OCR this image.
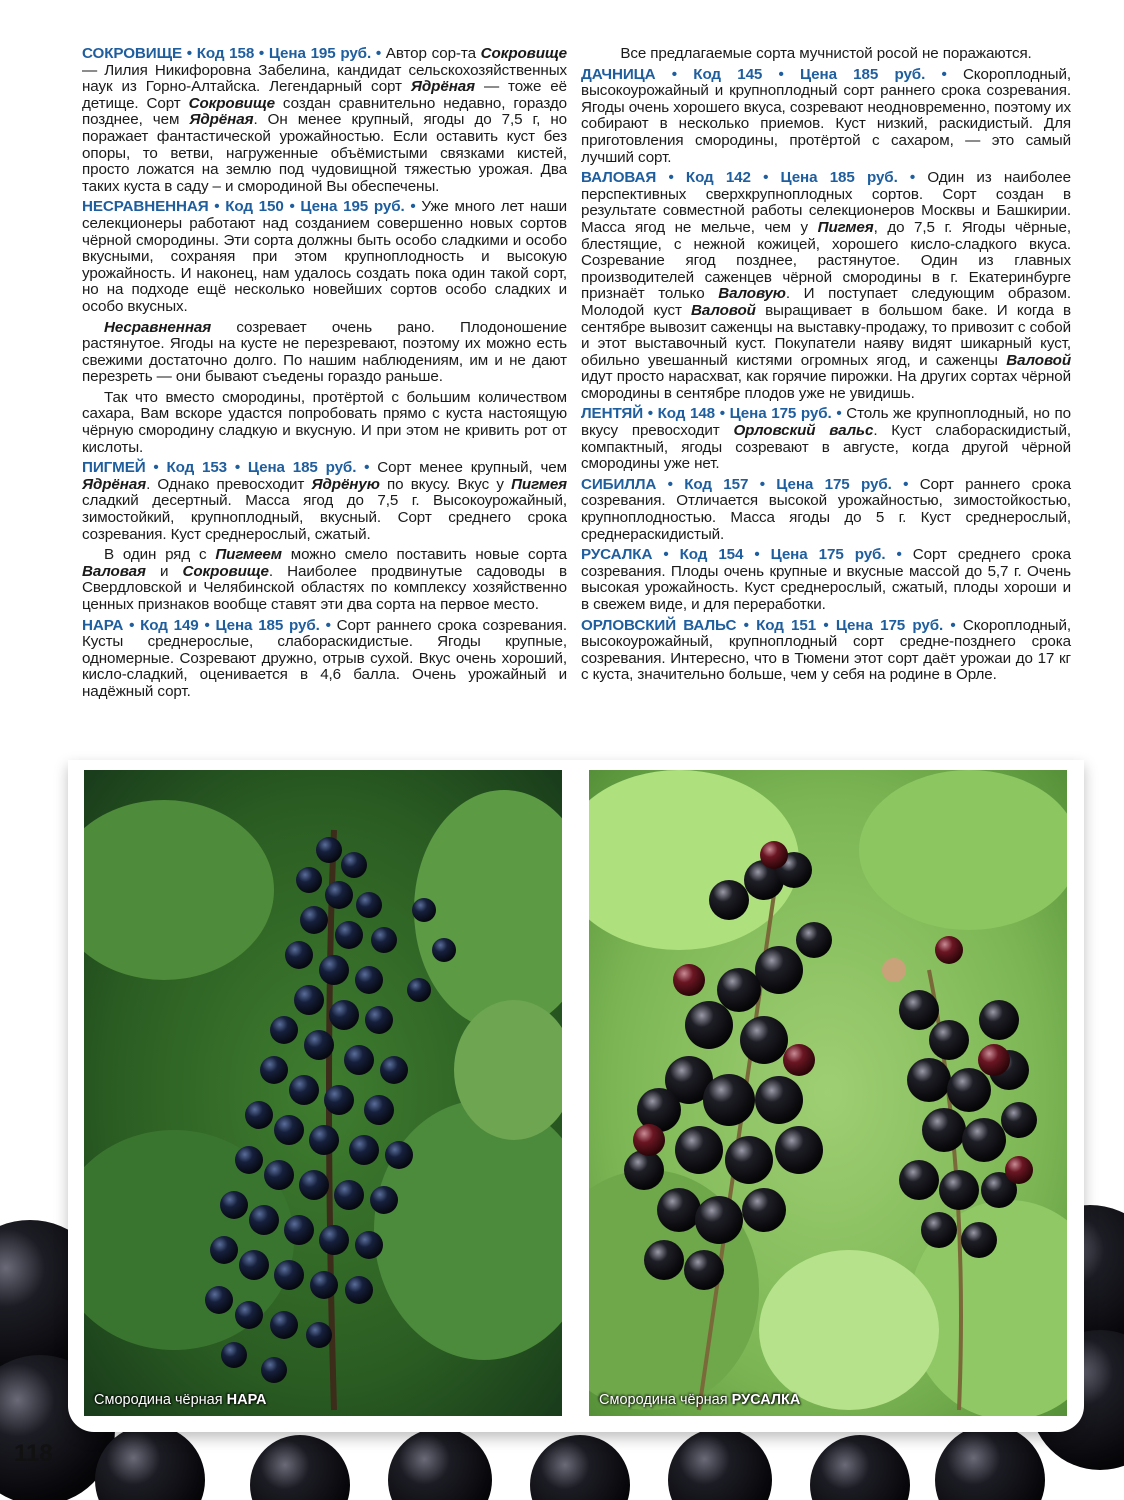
СОКРОВИЩЕ • Код 158 • Цена 195 руб. • Автор сор-та Сокровище — Лилия Никифоровна Забелина, кандидат сельскохозяйственных наук из Горно-Алтайска. Легендарный сорт Ядрёная — тоже её детище. Сорт Сокровище создан сравнительно недавно, гораздо позднее, чем Ядрёная. Он менее крупный, ягоды до 7,5 г, но поражает фантастической урожайностью. Если оставить куст без опоры, то ветви, нагруженные объёмистыми связками кистей, просто ложатся на землю под чудовищной тяжестью урожая. Два таких куста в саду – и смородиной Вы обеспечены.

НЕСРАВНЕННАЯ • Код 150 • Цена 195 руб. • Уже много лет наши селекционеры работают над созданием совершенно новых сортов чёрной смородины. Эти сорта должны быть особо сладкими и особо вкусными, сохраняя при этом крупноплодность и высокую урожайность. И наконец, нам удалось создать пока один такой сорт, но на подходе ещё несколько новейших сортов особо сладких и особо вкусных.

Несравненная созревает очень рано. Плодоношение растянутое. Ягоды на кусте не перезревают, поэтому их можно есть свежими достаточно долго. По нашим наблюдениям, им и не дают перезреть — они бывают съедены гораздо раньше.

Так что вместо смородины, протёртой с большим количеством сахара, Вам вскоре удастся попробовать прямо с куста настоящую чёрную смородину сладкую и вкусную. И при этом не кривить рот от кислоты.

ПИГМЕЙ • Код 153 • Цена 185 руб. • Сорт менее крупный, чем Ядрёная. Однако превосходит Ядрёную по вкусу. Вкус у Пигмея сладкий десертный. Масса ягод до 7,5 г. Высокоурожайный, зимостойкий, крупноплодный, вкусный. Сорт среднего срока созревания. Куст среднерослый, сжатый.

В один ряд с Пигмеем можно смело поставить новые сорта Валовая и Сокровище. Наиболее продвинутые садоводы в Свердловской и Челябинской областях по комплексу хозяйственно ценных признаков вообще ставят эти два сорта на первое место.

НАРА • Код 149 • Цена 185 руб. • Сорт раннего срока созревания. Кусты среднерослые, слабораскидистые. Ягоды крупные, одномерные. Созревают дружно, отрыв сухой. Вкус очень хороший, кисло-сладкий, оценивается в 4,6 балла. Очень урожайный и надёжный сорт.

Все предлагаемые сорта мучнистой росой не поражаются.

ДАЧНИЦА • Код 145 • Цена 185 руб. • Скороплодный, высокоурожайный и крупноплодный сорт раннего срока созревания. Ягоды очень хорошего вкуса, созревают неодновременно, поэтому их собирают в несколько приемов. Куст низкий, раскидистый. Для приготовления смородины, протёртой с сахаром, — это самый лучший сорт.

ВАЛОВАЯ • Код 142 • Цена 185 руб. • Один из наиболее перспективных сверхкрупноплодных сортов. Сорт создан в результате совместной работы селекционеров Москвы и Башкирии. Масса ягод не мельче, чем у Пигмея, до 7,5 г. Ягоды чёрные, блестящие, с нежной кожицей, хорошего кисло-сладкого вкуса. Созревание ягод позднее, растянутое. Один из главных производителей саженцев чёрной смородины в г. Екатеринбурге признаёт только Валовую. И поступает следующим образом. Молодой куст Валовой выращивает в большом баке. И когда в сентябре вывозит саженцы на выставку-продажу, то привозит с собой и этот выставочный куст. Покупатели наяву видят шикарный куст, обильно увешанный кистями огромных ягод, и саженцы Валовой идут просто нарасхват, как горячие пирожки. На других сортах чёрной смородины в сентябре плодов уже не увидишь.

ЛЕНТЯЙ • Код 148 • Цена 175 руб. • Столь же крупноплодный, но по вкусу превосходит Орловский вальс. Куст слабораскидистый, компактный, ягоды созревают в августе, когда другой чёрной смородины уже нет.

СИБИЛЛА • Код 157 • Цена 175 руб. • Сорт раннего срока созревания. Отличается высокой урожайностью, зимостойкостью, крупноплодностью. Масса ягоды до 5 г. Куст среднерослый, среднераскидистый.

РУСАЛКА • Код 154 • Цена 175 руб. • Сорт среднего срока созревания. Плоды очень крупные и вкусные массой до 5,7 г. Очень высокая урожайность. Куст среднерослый, сжатый, плоды хороши и в свежем виде, и для переработки.

ОРЛОВСКИЙ ВАЛЬС • Код 151 • Цена 175 руб. • Скороплодный, высокоурожайный, крупноплодный сорт средне-позднего срока созревания. Интересно, что в Тюмени этот сорт даёт урожаи до 17 кг с куста, значительно больше, чем у себя на родине в Орле.

Смородина чёрная НАРА	Смородина чёрная РУСАЛКА
118
